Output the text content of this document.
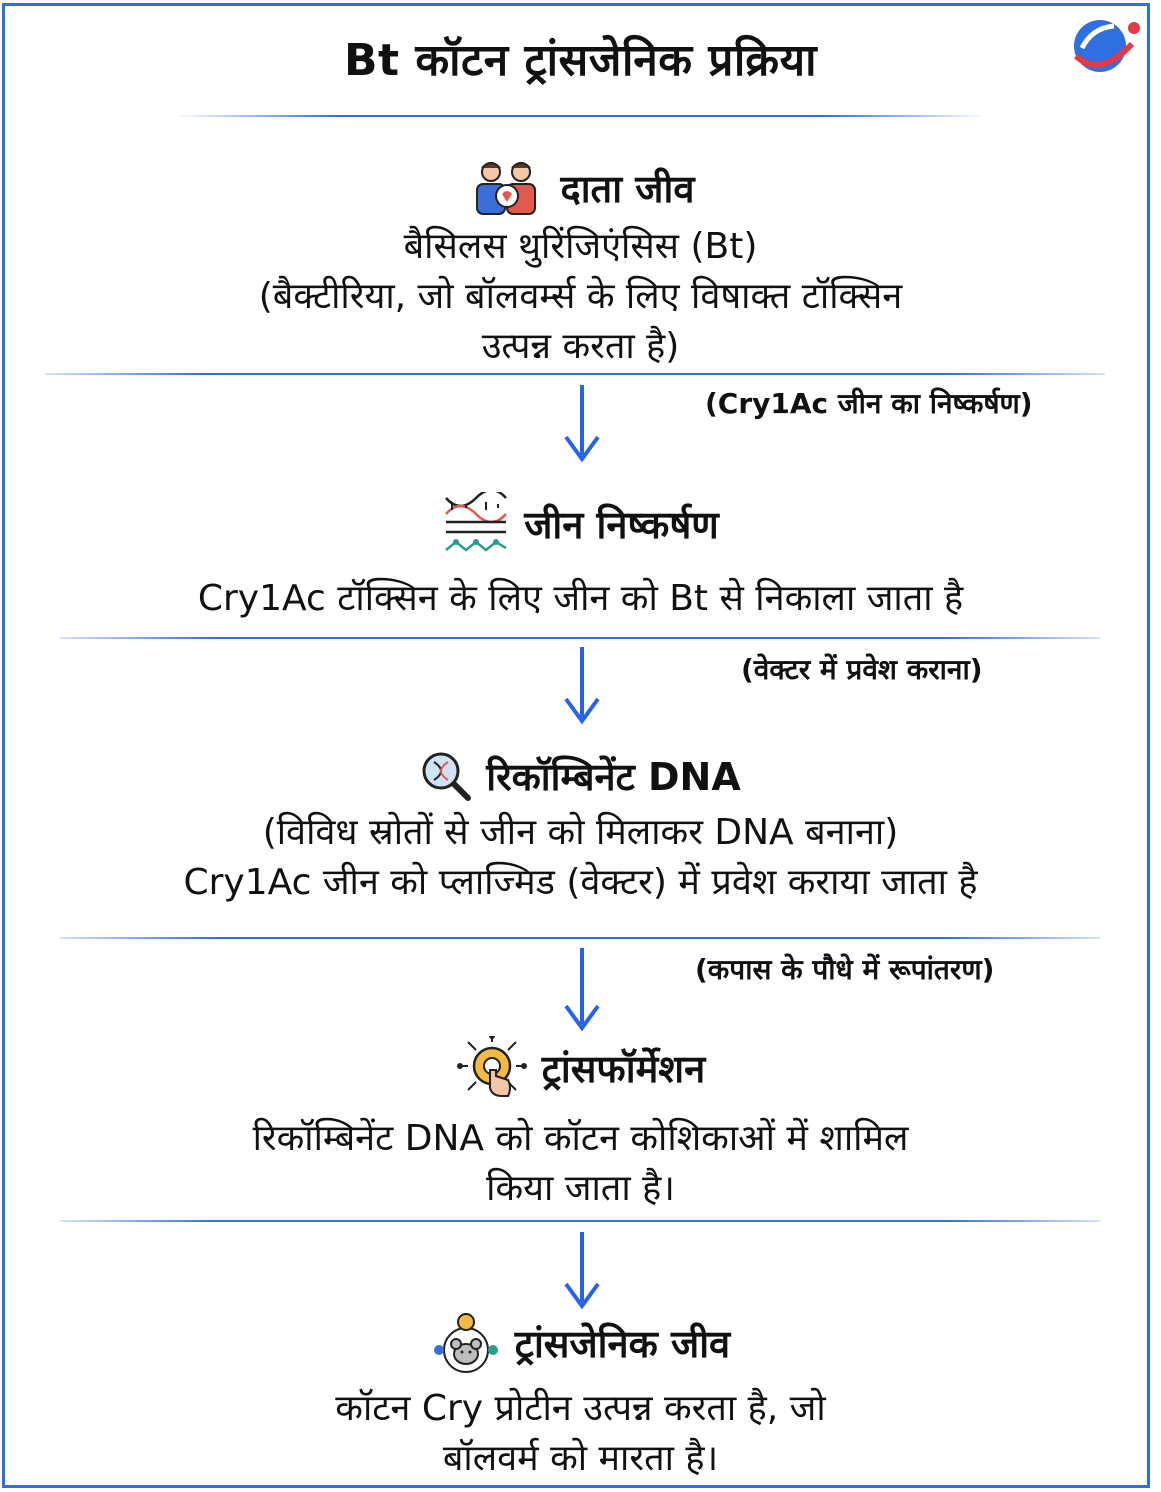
Bt कॉटन ट्रांसजेनिक प्रक्रिया
दाता जीव
बैसिलस थुरिंजिएंसिस (Bt)
(बैक्टीरिया, जो बॉलवर्म्स के लिए विषाक्त टॉक्सिन
उत्पन्न करता है)
(Cry1Ac जीन का निष्कर्षण)
जीन निष्कर्षण
Cry1Ac टॉक्सिन के लिए जीन को Bt से निकाला जाता है
(वेक्टर में प्रवेश कराना)
रिकॉम्बिनेंट DNA
(विविध स्रोतों से जीन को मिलाकर DNA बनाना)
Cry1Ac जीन को प्लाज्मिड (वेक्टर) में प्रवेश कराया जाता है
(कपास के पौधे में रूपांतरण)
ट्रांसफॉर्मेशन
रिकॉम्बिनेंट DNA को कॉटन कोशिकाओं में शामिल
किया जाता है।
ट्रांसजेनिक जीव
कॉटन Cry प्रोटीन उत्पन्न करता है, जो
बॉलवर्म को मारता है।
